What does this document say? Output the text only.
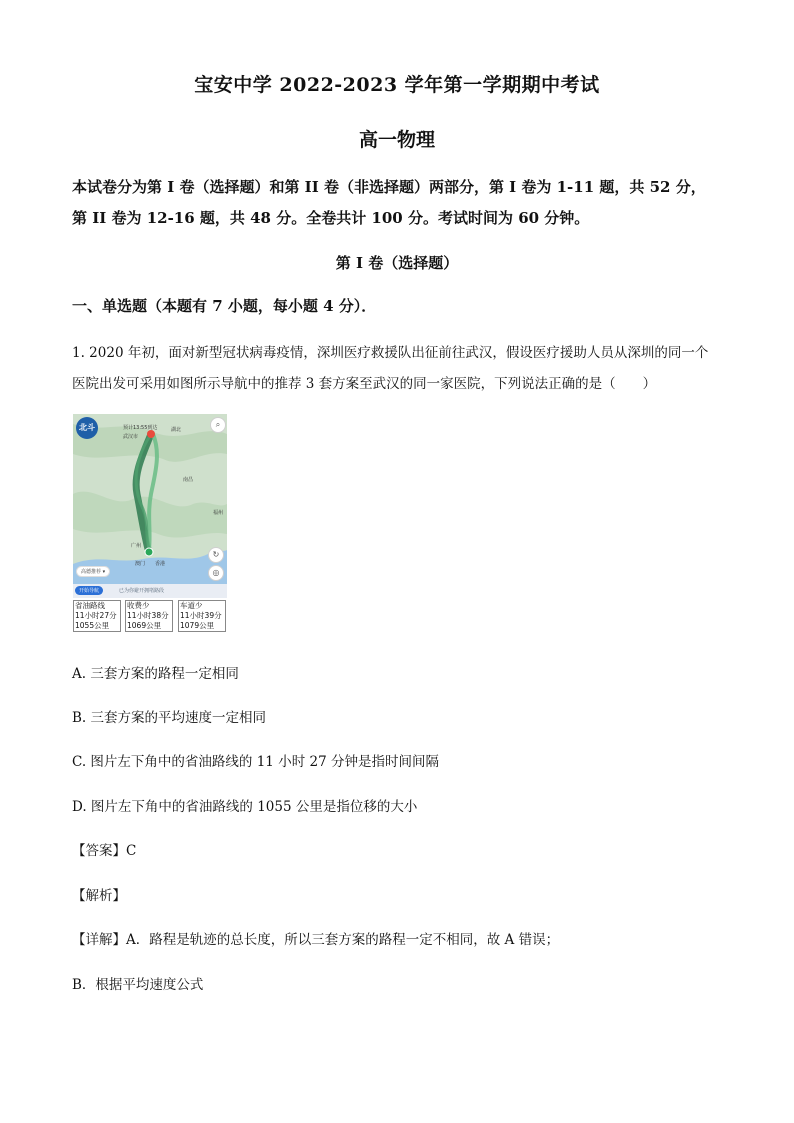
宝安中学 2022-2023 学年第一学期期中考试
高一物理
本试卷分为第 I 卷（选择题）和第 II 卷（非选择题）两部分，第 I 卷为 1-11 题，共 52 分，
第 II 卷为 12-16 题，共 48 分。全卷共计 100 分。考试时间为 60 分钟。
第 I 卷（选择题）
一、单选题（本题有 7 小题，每小题 4 分）．
1. 2020 年初，面对新型冠状病毒疫情，深圳医疗救援队出征前往武汉，假设医疗援助人员从深圳的同一个
医院出发可采用如图所示导航中的推荐 3 套方案至武汉的同一家医院，下列说法正确的是（　　）
北斗	⌕
预计13:55到达	湖北
武汉市
南昌
福州
广州
澳门 香港
↻
◎
高德推荐 ▾
开始导航	已为你避开拥堵路段
省油路线
11小时27分
1055公里
收费少
11小时38分
1069公里
车道少
11小时39分
1079公里
A. 三套方案的路程一定相同
B. 三套方案的平均速度一定相同
C. 图片左下角中的省油路线的 11 小时 27 分钟是指时间间隔
D. 图片左下角中的省油路线的 1055 公里是指位移的大小
【答案】C
【解析】
【详解】A．路程是轨迹的总长度，所以三套方案的路程一定不相同，故 A 错误；
B．根据平均速度公式
